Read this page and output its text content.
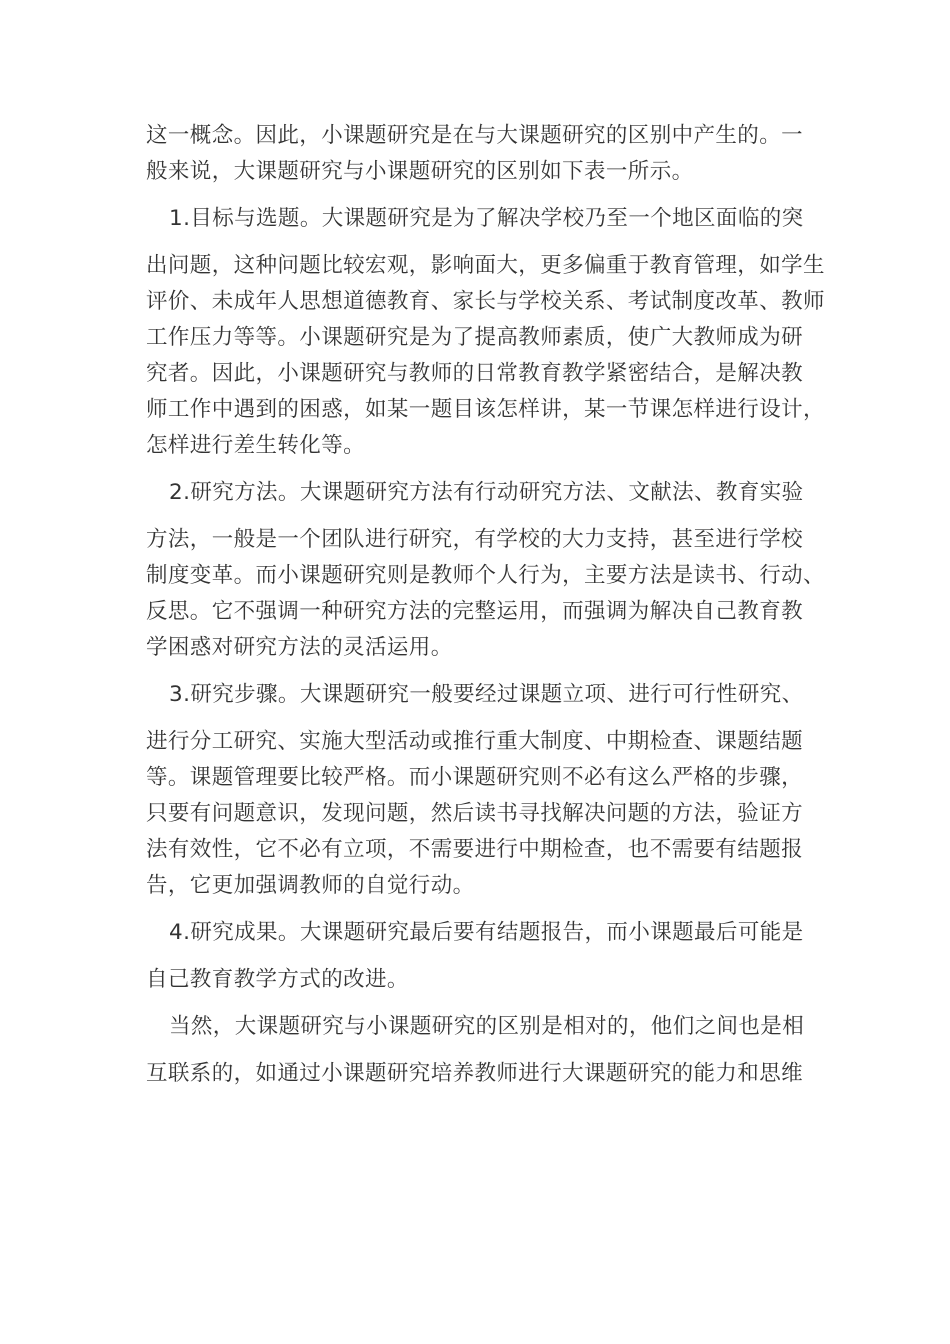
这一概念。因此，小课题研究是在与大课题研究的区别中产生的。一
般来说，大课题研究与小课题研究的区别如下表一所示。
1.目标与选题。大课题研究是为了解决学校乃至一个地区面临的突
出问题，这种问题比较宏观，影响面大，更多偏重于教育管理，如学生
评价、未成年人思想道德教育、家长与学校关系、考试制度改革、教师
工作压力等等。小课题研究是为了提高教师素质，使广大教师成为研
究者。因此，小课题研究与教师的日常教育教学紧密结合，是解决教
师工作中遇到的困惑，如某一题目该怎样讲，某一节课怎样进行设计，
怎样进行差生转化等。
2.研究方法。大课题研究方法有行动研究方法、文献法、教育实验
方法，一般是一个团队进行研究，有学校的大力支持，甚至进行学校
制度变革。而小课题研究则是教师个人行为，主要方法是读书、行动、
反思。它不强调一种研究方法的完整运用，而强调为解决自己教育教
学困惑对研究方法的灵活运用。
3.研究步骤。大课题研究一般要经过课题立项、进行可行性研究、
进行分工研究、实施大型活动或推行重大制度、中期检查、课题结题
等。课题管理要比较严格。而小课题研究则不必有这么严格的步骤，
只要有问题意识，发现问题，然后读书寻找解决问题的方法，验证方
法有效性，它不必有立项，不需要进行中期检查，也不需要有结题报
告，它更加强调教师的自觉行动。
4.研究成果。大课题研究最后要有结题报告，而小课题最后可能是
自己教育教学方式的改进。
当然，大课题研究与小课题研究的区别是相对的，他们之间也是相
互联系的，如通过小课题研究培养教师进行大课题研究的能力和思维
